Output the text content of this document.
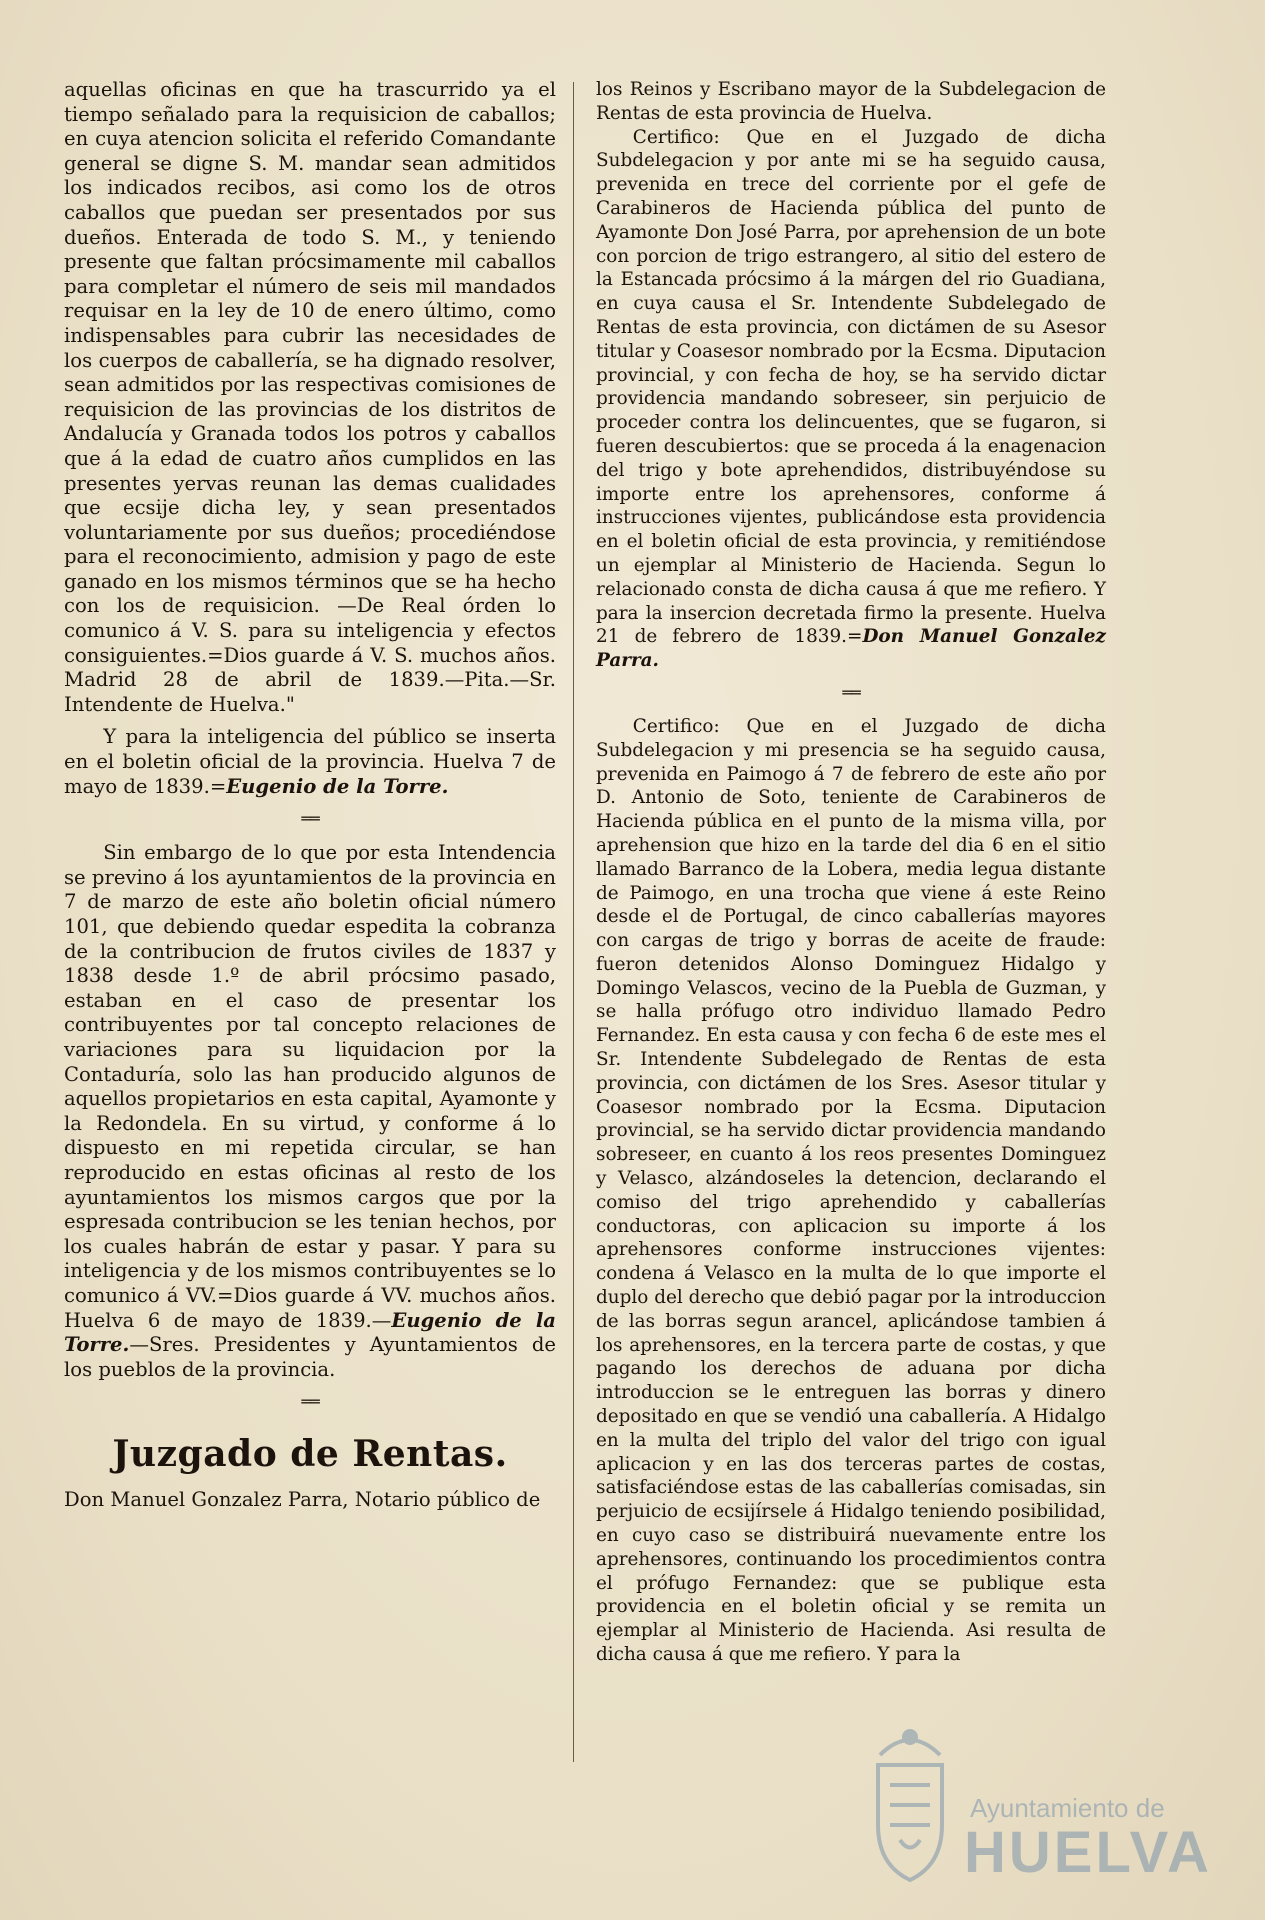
aquellas oficinas en que ha trascurrido ya el tiempo señalado para la requisicion de caballos; en cuya atencion solicita el referido Comandante general se digne S. M. mandar sean admitidos los indicados recibos, asi como los de otros caballos que puedan ser presentados por sus dueños. Enterada de todo S. M., y teniendo presente que faltan prócsimamente mil caballos para completar el número de seis mil mandados requisar en la ley de 10 de enero último, como indispensables para cubrir las necesidades de los cuerpos de caballería, se ha dignado resolver, sean admitidos por las respectivas comisiones de requisicion de las provincias de los distritos de Andalucía y Granada todos los potros y caballos que á la edad de cuatro años cumplidos en las presentes yervas reunan las demas cualidades que ecsije dicha ley, y sean presentados voluntariamente por sus dueños; procediéndose para el reconocimiento, admision y pago de este ganado en los mismos términos que se ha hecho con los de requisicion. —De Real órden lo comunico á V. S. para su inteligencia y efectos consiguientes.=Dios guarde á V. S. muchos años. Madrid 28 de abril de 1839.—Pita.—Sr. Intendente de Huelva."

Y para la inteligencia del público se inserta en el boletin oficial de la provincia. Huelva 7 de mayo de 1839.=Eugenio de la Torre.

══

Sin embargo de lo que por esta Intendencia se previno á los ayuntamientos de la provincia en 7 de marzo de este año boletin oficial número 101, que debiendo quedar espedita la cobranza de la contribucion de frutos civiles de 1837 y 1838 desde 1.º de abril prócsimo pasado, estaban en el caso de presentar los contribuyentes por tal concepto relaciones de variaciones para su liquidacion por la Contaduría, solo las han producido algunos de aquellos propietarios en esta capital, Ayamonte y la Redondela. En su virtud, y conforme á lo dispuesto en mi repetida circular, se han reproducido en estas oficinas al resto de los ayuntamientos los mismos cargos que por la espresada contribucion se les tenian hechos, por los cuales habrán de estar y pasar. Y para su inteligencia y de los mismos contribuyentes se lo comunico á VV.=Dios guarde á VV. muchos años. Huelva 6 de mayo de 1839.—Eugenio de la Torre.—Sres. Presidentes y Ayuntamientos de los pueblos de la provincia.

══
Juzgado de Rentas.

Don Manuel Gonzalez Parra, Notario público de

los Reinos y Escribano mayor de la Subdelegacion de Rentas de esta provincia de Huelva.

Certifico: Que en el Juzgado de dicha Subdelegacion y por ante mi se ha seguido causa, prevenida en trece del corriente por el gefe de Carabineros de Hacienda pública del punto de Ayamonte Don José Parra, por aprehension de un bote con porcion de trigo estrangero, al sitio del estero de la Estancada prócsimo á la márgen del rio Guadiana, en cuya causa el Sr. Intendente Subdelegado de Rentas de esta provincia, con dictámen de su Asesor titular y Coasesor nombrado por la Ecsma. Diputacion provincial, y con fecha de hoy, se ha servido dictar providencia mandando sobreseer, sin perjuicio de proceder contra los delincuentes, que se fugaron, si fueren descubiertos: que se proceda á la enagenacion del trigo y bote aprehendidos, distribuyéndose su importe entre los aprehensores, conforme á instrucciones vijentes, publicándose esta providencia en el boletin oficial de esta provincia, y remitiéndose un ejemplar al Ministerio de Hacienda. Segun lo relacionado consta de dicha causa á que me refiero. Y para la insercion decretada firmo la presente. Huelva 21 de febrero de 1839.=Don Manuel Gonzalez Parra.

══

Certifico: Que en el Juzgado de dicha Subdelegacion y mi presencia se ha seguido causa, prevenida en Paimogo á 7 de febrero de este año por D. Antonio de Soto, teniente de Carabineros de Hacienda pública en el punto de la misma villa, por aprehension que hizo en la tarde del dia 6 en el sitio llamado Barranco de la Lobera, media legua distante de Paimogo, en una trocha que viene á este Reino desde el de Portugal, de cinco caballerías mayores con cargas de trigo y borras de aceite de fraude: fueron detenidos Alonso Dominguez Hidalgo y Domingo Velascos, vecino de la Puebla de Guzman, y se halla prófugo otro individuo llamado Pedro Fernandez. En esta causa y con fecha 6 de este mes el Sr. Intendente Subdelegado de Rentas de esta provincia, con dictámen de los Sres. Asesor titular y Coasesor nombrado por la Ecsma. Diputacion provincial, se ha servido dictar providencia mandando sobreseer, en cuanto á los reos presentes Dominguez y Velasco, alzándoseles la detencion, declarando el comiso del trigo aprehendido y caballerías conductoras, con aplicacion su importe á los aprehensores conforme instrucciones vijentes: condena á Velasco en la multa de lo que importe el duplo del derecho que debió pagar por la introduccion de las borras segun arancel, aplicándose tambien á los aprehensores, en la tercera parte de costas, y que pagando los derechos de aduana por dicha introduccion se le entreguen las borras y dinero depositado en que se vendió una caballería. A Hidalgo en la multa del triplo del valor del trigo con igual aplicacion y en las dos terceras partes de costas, satisfaciéndose estas de las caballerías comisadas, sin perjuicio de ecsijírsele á Hidalgo teniendo posibilidad, en cuyo caso se distribuirá nuevamente entre los aprehensores, continuando los procedimientos contra el prófugo Fernandez: que se publique esta providencia en el boletin oficial y se remita un ejemplar al Ministerio de Hacienda. Asi resulta de dicha causa á que me refiero. Y para la

Ayuntamiento de
HUELVA
